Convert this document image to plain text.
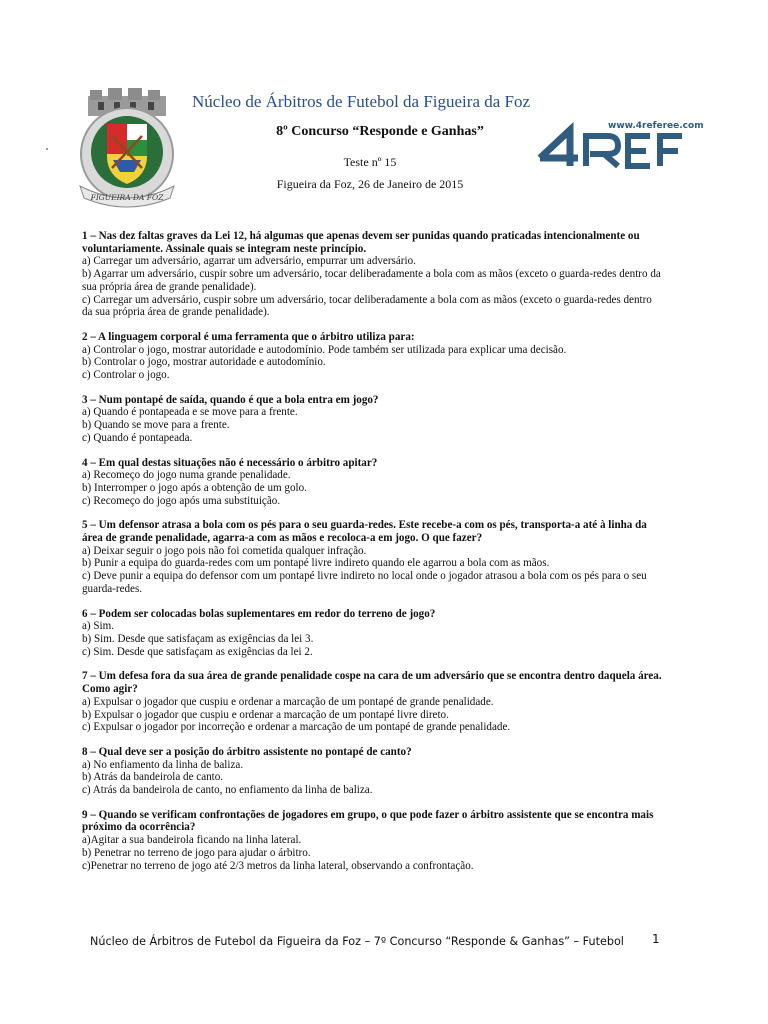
FIGUEIRA DA FOZ
Núcleo de Árbitros de Futebol da Figueira da Foz
8º Concurso “Responde e Ganhas”
Teste nº 15
Figueira da Foz, 26 de Janeiro de 2015
www.4referee.com
1 – Nas dez faltas graves da Lei 12, há algumas que apenas devem ser punidas quando praticadas intencionalmente ou voluntariamente. Assinale quais se integram neste princípio.
a) Carregar um adversário, agarrar um adversário, empurrar um adversário.
b) Agarrar um adversário, cuspir sobre um adversário, tocar deliberadamente a bola com as mãos (exceto o guarda-redes dentro da sua própria área de grande penalidade).
c) Carregar um adversário, cuspir sobre um adversário, tocar deliberadamente a bola com as mãos (exceto o guarda-redes dentro da sua própria área de grande penalidade).
2 – A linguagem corporal é uma ferramenta que o árbitro utiliza para:
a) Controlar o jogo, mostrar autoridade e autodomínio. Pode também ser utilizada para explicar uma decisão.
b) Controlar o jogo, mostrar autoridade e autodomínio.
c) Controlar o jogo.
3 – Num pontapé de saída, quando é que a bola entra em jogo?
a) Quando é pontapeada e se move para a frente.
b) Quando se move para a frente.
c) Quando é pontapeada.
4 – Em qual destas situações não é necessário o árbitro apitar?
a) Recomeço do jogo numa grande penalidade.
b) Interromper o jogo após a obtenção de um golo.
c) Recomeço do jogo após uma substituição.
5 – Um defensor atrasa a bola com os pés para o seu guarda-redes. Este recebe-a com os pés, transporta-a até à linha da área de grande penalidade, agarra-a com as mãos e recoloca-a em jogo. O que fazer?
a) Deixar seguir o jogo pois não foi cometida qualquer infração.
b) Punir a equipa do guarda-redes com um pontapé livre indireto quando ele agarrou a bola com as mãos.
c) Deve punir a equipa do defensor com um pontapé livre indireto no local onde o jogador atrasou a bola com os pés para o seu guarda-redes.
6 – Podem ser colocadas bolas suplementares em redor do terreno de jogo?
a) Sim.
b) Sim. Desde que satisfaçam as exigências da lei 3.
c) Sim. Desde que satisfaçam as exigências da lei 2.
7 – Um defesa fora da sua área de grande penalidade cospe na cara de um adversário que se encontra dentro daquela área. Como agir?
a) Expulsar o jogador que cuspiu e ordenar a marcação de um pontapé de grande penalidade.
b) Expulsar o jogador que cuspiu e ordenar a marcação de um pontapé livre direto.
c) Expulsar o jogador por incorreção e ordenar a marcação de um pontapé de grande penalidade.
8 – Qual deve ser a posição do árbitro assistente no pontapé de canto?
a) No enfiamento da linha de baliza.
b) Atrás da bandeirola de canto.
c) Atrás da bandeirola de canto, no enfiamento da linha de baliza.
9 – Quando se verificam confrontações de jogadores em grupo, o que pode fazer o árbitro assistente que se encontra mais próximo da ocorrência?
a)Agitar a sua bandeirola ficando na linha lateral.
b) Penetrar no terreno de jogo para ajudar o árbitro.
c)Penetrar no terreno de jogo até 2/3 metros da linha lateral, observando a confrontação.
Núcleo de Árbitros de Futebol da Figueira da Foz – 7º Concurso “Responde & Ganhas” – Futebol	1
